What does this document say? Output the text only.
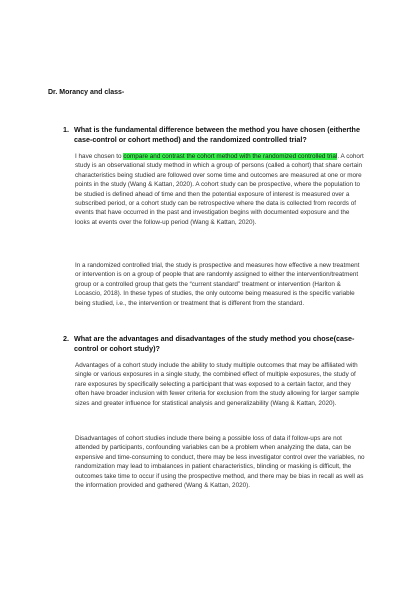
Dr. Morancy and class-
1. What is the fundamental difference between the method you have chosen (eitherthe case-control or cohort method) and the randomized controlled trial?
I have chosen to compare and contrast the cohort method with the randomized controlled trial. A cohort study is an observational study method in which a group of persons (called a cohort) that share certain characteristics being studied are followed over some time and outcomes are measured at one or more points in the study (Wang & Kattan, 2020). A cohort study can be prospective, where the population to be studied is defined ahead of time and then the potential exposure of interest is measured over a subscribed period, or a cohort study can be retrospective where the data is collected from records of events that have occurred in the past and investigation begins with documented exposure and the looks at events over the follow-up period (Wang & Kattan, 2020).
In a randomized controlled trial, the study is prospective and measures how effective a new treatment or intervention is on a group of people that are randomly assigned to either the intervention/treatment group or a controlled group that gets the “current standard” treatment or intervention (Hariton & Locascio, 2018). In these types of studies, the only outcome being measured is the specific variable being studied, i.e., the intervention or treatment that is different from the standard.
2. What are the advantages and disadvantages of the study method you chose(case-control or cohort study)?
Advantages of a cohort study include the ability to study multiple outcomes that may be affiliated with single or various exposures in a single study, the combined effect of multiple exposures, the study of rare exposures by specifically selecting a participant that was exposed to a certain factor, and they often have broader inclusion with fewer criteria for exclusion from the study allowing for larger sample sizes and greater influence for statistical analysis and generalizability (Wang & Kattan, 2020).
Disadvantages of cohort studies include there being a possible loss of data if follow-ups are not attended by participants, confounding variables can be a problem when analyzing the data, can be expensive and time-consuming to conduct, there may be less investigator control over the variables, no randomization may lead to imbalances in patient characteristics, blinding or masking is difficult, the outcomes take time to occur if using the prospective method, and there may be bias in recall as well as the information provided and gathered (Wang & Kattan, 2020).
